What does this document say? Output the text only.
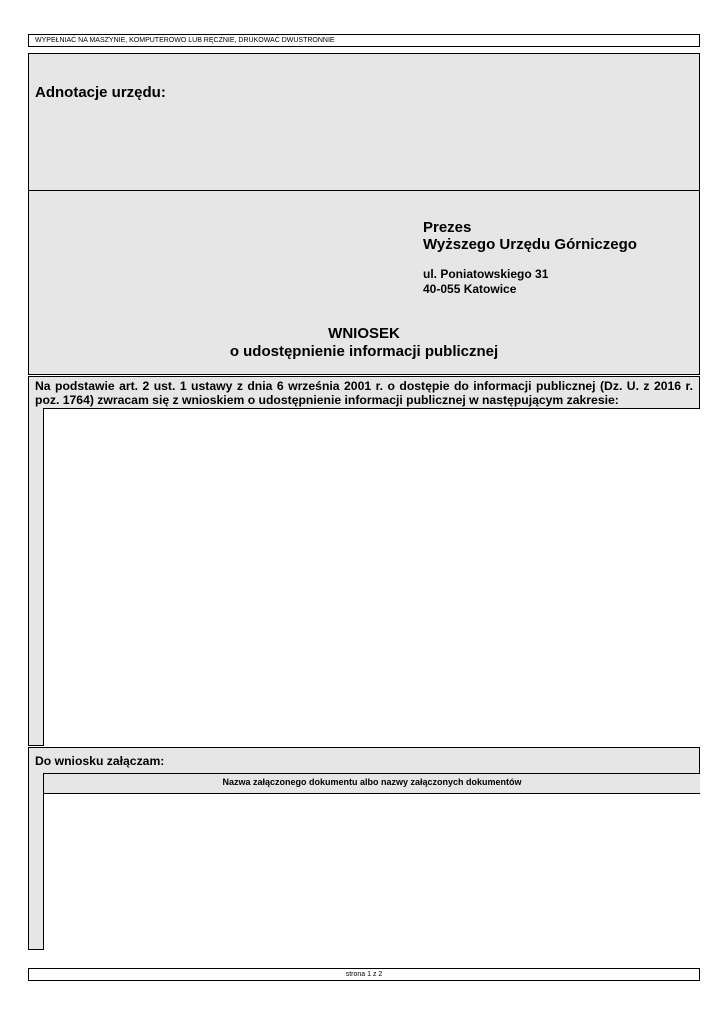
WYPEŁNIAĆ NA MASZYNIE, KOMPUTEROWO LUB RĘCZNIE, DRUKOWAĆ DWUSTRONNIE
Adnotacje urzędu:
Prezes
Wyższego Urzędu Górniczego
ul. Poniatowskiego 31
40-055 Katowice
WNIOSEK
o udostępnienie informacji publicznej
Na podstawie art. 2 ust. 1 ustawy z dnia 6 września 2001 r. o dostępie do informacji publicznej (Dz. U. z 2016 r. poz. 1764) zwracam się z wnioskiem o udostępnienie informacji publicznej w następującym zakresie:
Do wniosku załączam:
Nazwa załączonego dokumentu albo nazwy załączonych dokumentów
strona 1 z 2
